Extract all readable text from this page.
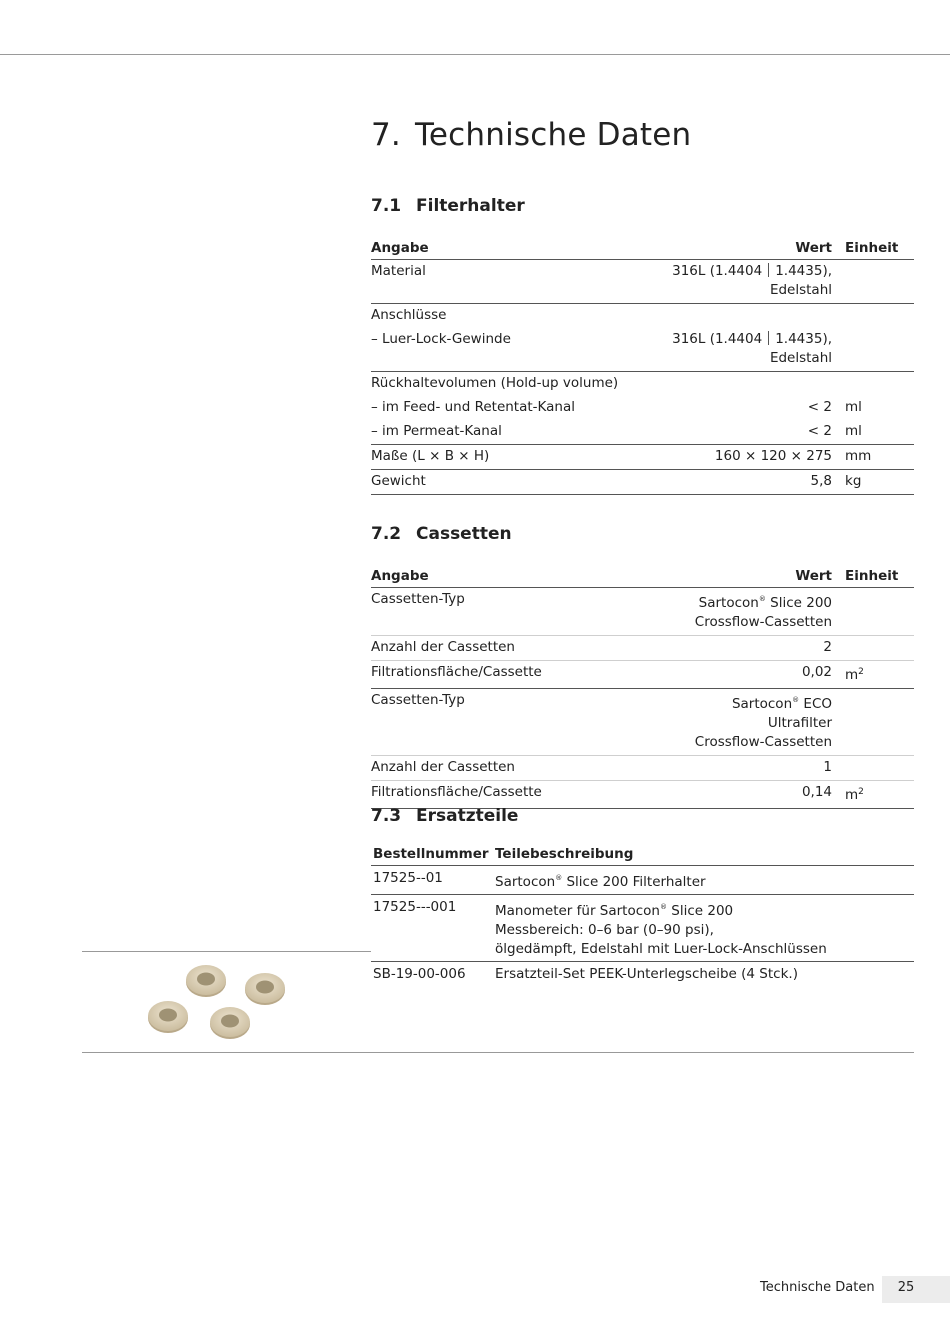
7. Technische Daten
7.1 Filterhalter
Angabe	Wert	Einheit
Material	316L (1.4404 1.4435),
Edelstahl	

Anschlüsse		
– Luer-Lock-Gewinde	316L (1.4404 1.4435),
Edelstahl	

Rückhaltevolumen (Hold-up volume)		
– im Feed- und Retentat-Kanal	< 2	ml
– im Permeat-Kanal	< 2	ml
Maße (L × B × H)	160 × 120 × 275	mm
Gewicht	5,8	kg
7.2 Cassetten
Angabe	Wert	Einheit
Cassetten-Typ	Sartocon® Slice 200
Crossflow-Cassetten	

Anzahl der Cassetten	2	
Filtrationsfläche/Cassette	0,02	$m^2$
Cassetten-Typ	Sartocon® ECO Ultrafilter
Crossflow-Cassetten	

Anzahl der Cassetten	1	
Filtrationsfläche/Cassette	0,14	$m^2$
7.3 Ersatzteile
Bestellnummer	Teilebeschreibung
17525--01	Sartocon® Slice 200 Filterhalter
17525---001	Manometer für Sartocon® Slice 200
Messbereich: 0–6 bar (0–90 psi),
ölgedämpft, Edelstahl mit Luer-Lock-Anschlüssen

SB-19-00-006	Ersatzteil-Set PEEK-Unterlegscheibe (4 Stck.)
Technische Daten	25
